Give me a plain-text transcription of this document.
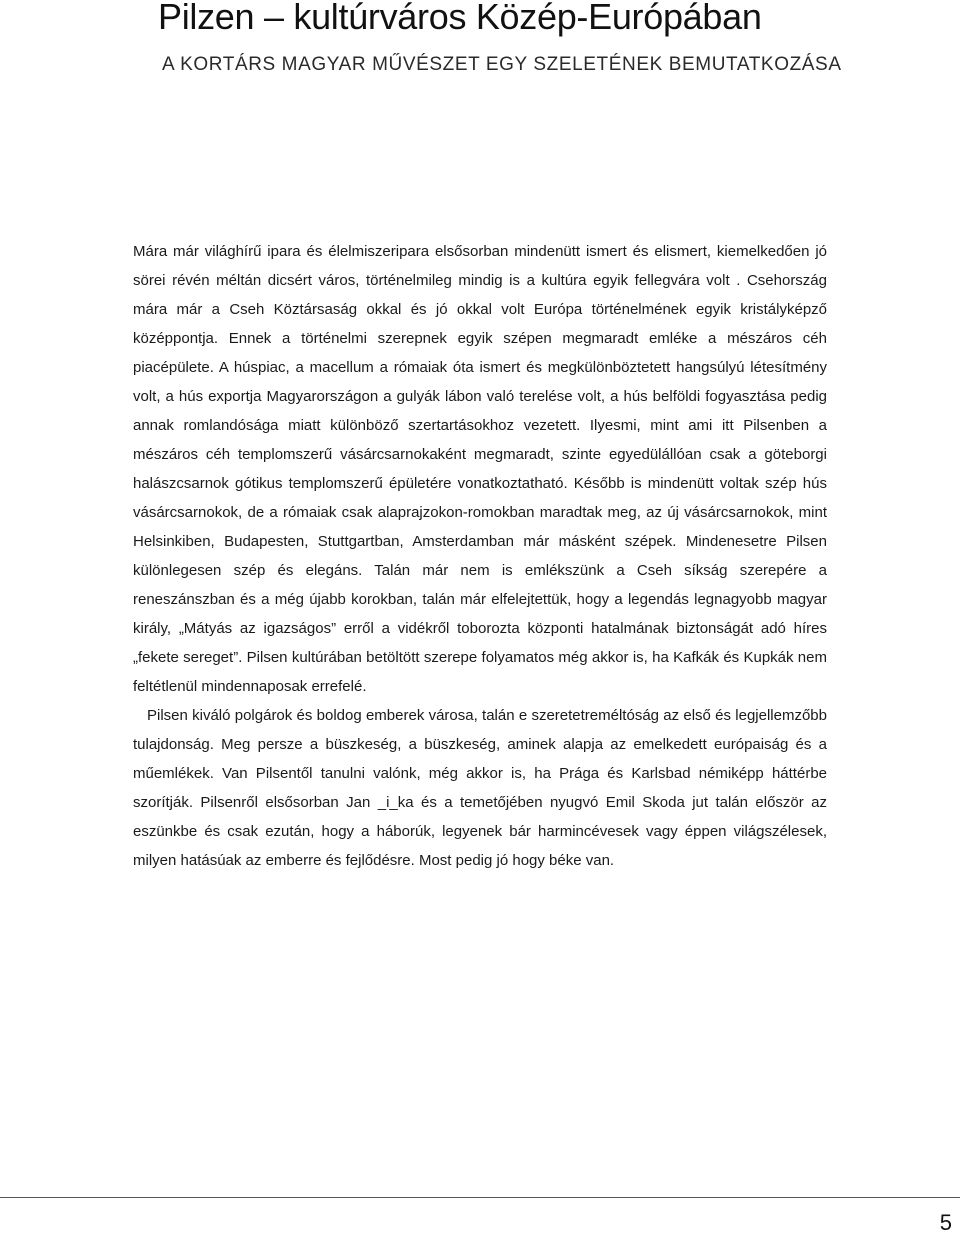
Pilzen – kultúrváros Közép-Európában
A KORTÁRS MAGYAR MŰVÉSZET EGY SZELETÉNEK BEMUTATKOZÁSA

Mára már világhírű ipara és élelmiszeripara elsősorban mindenütt ismert és elismert, kiemelkedően jó sörei révén méltán dicsért város, történelmileg mindig is a kultúra egyik fellegvára volt . Csehország mára már a Cseh Köztársaság okkal és jó okkal volt Európa történelmének egyik kristályképző középpontja. Ennek a történelmi szerepnek egyik szépen megmaradt emléke a mészáros céh piacépülete. A húspiac, a macellum a rómaiak óta ismert és megkülönböztetett hangsúlyú létesítmény volt, a hús exportja Magyarországon a gulyák lábon való terelése volt, a hús belföldi fogyasztása pedig annak romlandósága miatt különböző szertartásokhoz vezetett. Ilyesmi, mint ami itt Pilsenben a mészáros céh templomszerű vásárcsarnokaként megmaradt, szinte egyedülállóan csak a göteborgi halászcsarnok gótikus templomszerű épületére vonatkoztatható. Később is mindenütt voltak szép hús vásárcsarnokok, de a rómaiak csak alaprajzokon-romokban maradtak meg, az új vásárcsarnokok, mint Helsinkiben, Budapesten, Stuttgartban, Amsterdamban már másként szépek. Mindenesetre Pilsen különlegesen szép és elegáns. Talán már nem is emlékszünk a Cseh síkság szerepére a reneszánszban és a még újabb korokban, talán már elfelejtettük, hogy a legendás legnagyobb magyar király, „Mátyás az igazságos” erről a vidékről toborozta központi hatalmának biztonságát adó híres „fekete sereget”. Pilsen kultúrában betöltött szerepe folyamatos még akkor is, ha Kafkák és Kupkák nem feltétlenül mindennaposak errefelé.

Pilsen kiváló polgárok és boldog emberek városa, talán e szeretetreméltóság az első és legjellemzőbb tulajdonság. Meg persze a büszkeség, a büszkeség, aminek alapja az emelkedett európaiság és a műemlékek. Van Pilsentől tanulni valónk, még akkor is, ha Prága és Karlsbad némiképp háttérbe szorítják. Pilsenről elsősorban Jan _i_ka és a temetőjében nyugvó Emil Skoda jut talán először az eszünkbe és csak ezután, hogy a háborúk, legyenek bár harmincévesek vagy éppen világszélesek, milyen hatásúak az emberre és fejlődésre. Most pedig jó hogy béke van.

5
